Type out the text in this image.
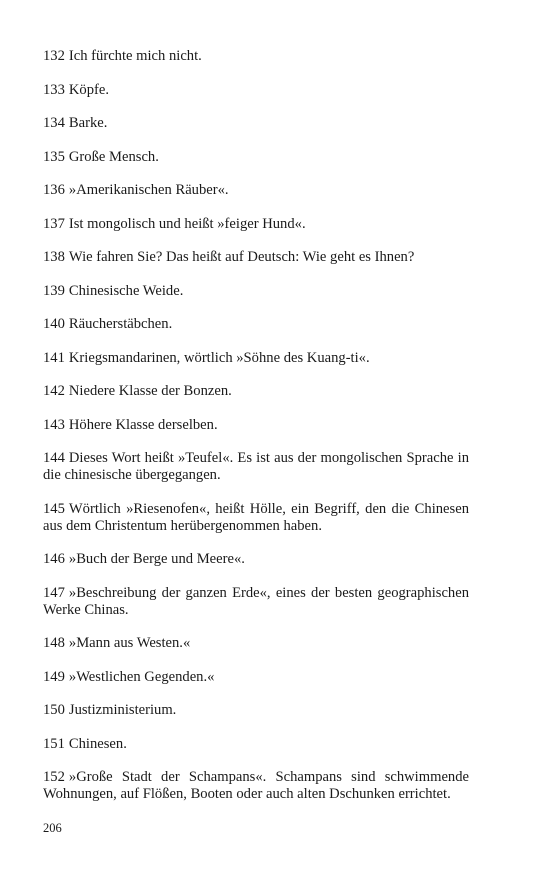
132 Ich fürchte mich nicht.

133 Köpfe.

134 Barke.

135 Große Mensch.

136 »Amerikanischen Räuber«.

137 Ist mongolisch und heißt »feiger Hund«.

138 Wie fahren Sie? Das heißt auf Deutsch: Wie geht es Ihnen?

139 Chinesische Weide.

140 Räucherstäbchen.

141 Kriegsmandarinen, wörtlich »Söhne des Kuang-ti«.

142 Niedere Klasse der Bonzen.

143 Höhere Klasse derselben.

144 Dieses Wort heißt »Teufel«. Es ist aus der mongolischen Sprache in die chinesische übergegangen.

145 Wörtlich »Riesenofen«, heißt Hölle, ein Begriff, den die Chinesen aus dem Christentum herübergenommen haben.

146 »Buch der Berge und Meere«.

147 »Beschreibung der ganzen Erde«, eines der besten geographischen Werke Chinas.

148 »Mann aus Westen.«

149 »Westlichen Gegenden.«

150 Justizministerium.

151 Chinesen.

152 »Große Stadt der Schampans«. Schampans sind schwimmende Wohnungen, auf Flößen, Booten oder auch alten Dschunken errichtet.

206
